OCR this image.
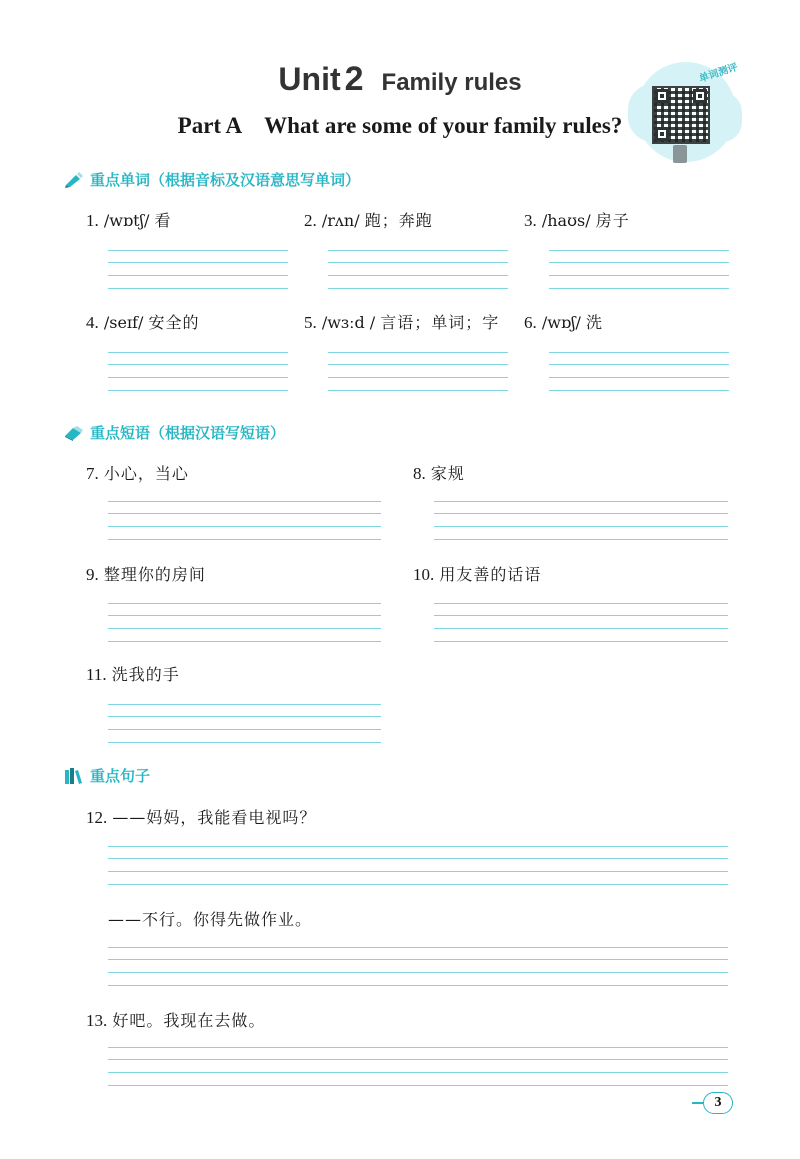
Unit 2 Family rules
Part A What are some of your family rules?
单词测评
重点单词（根据音标及汉语意思写单词）
1. /wɒtʃ/ 看	2. /rʌn/ 跑；奔跑	3. /haʊs/ 房子
4. /seɪf/ 安全的	5. /wɜːd / 言语；单词；字 6. /wɒʃ/ 洗
重点短语（根据汉语写短语）
7. 小心，当心	8. 家规
9. 整理你的房间	10. 用友善的话语
11. 洗我的手
重点句子
12. ——妈妈，我能看电视吗？
——不行。你得先做作业。
13. 好吧。我现在去做。
3
